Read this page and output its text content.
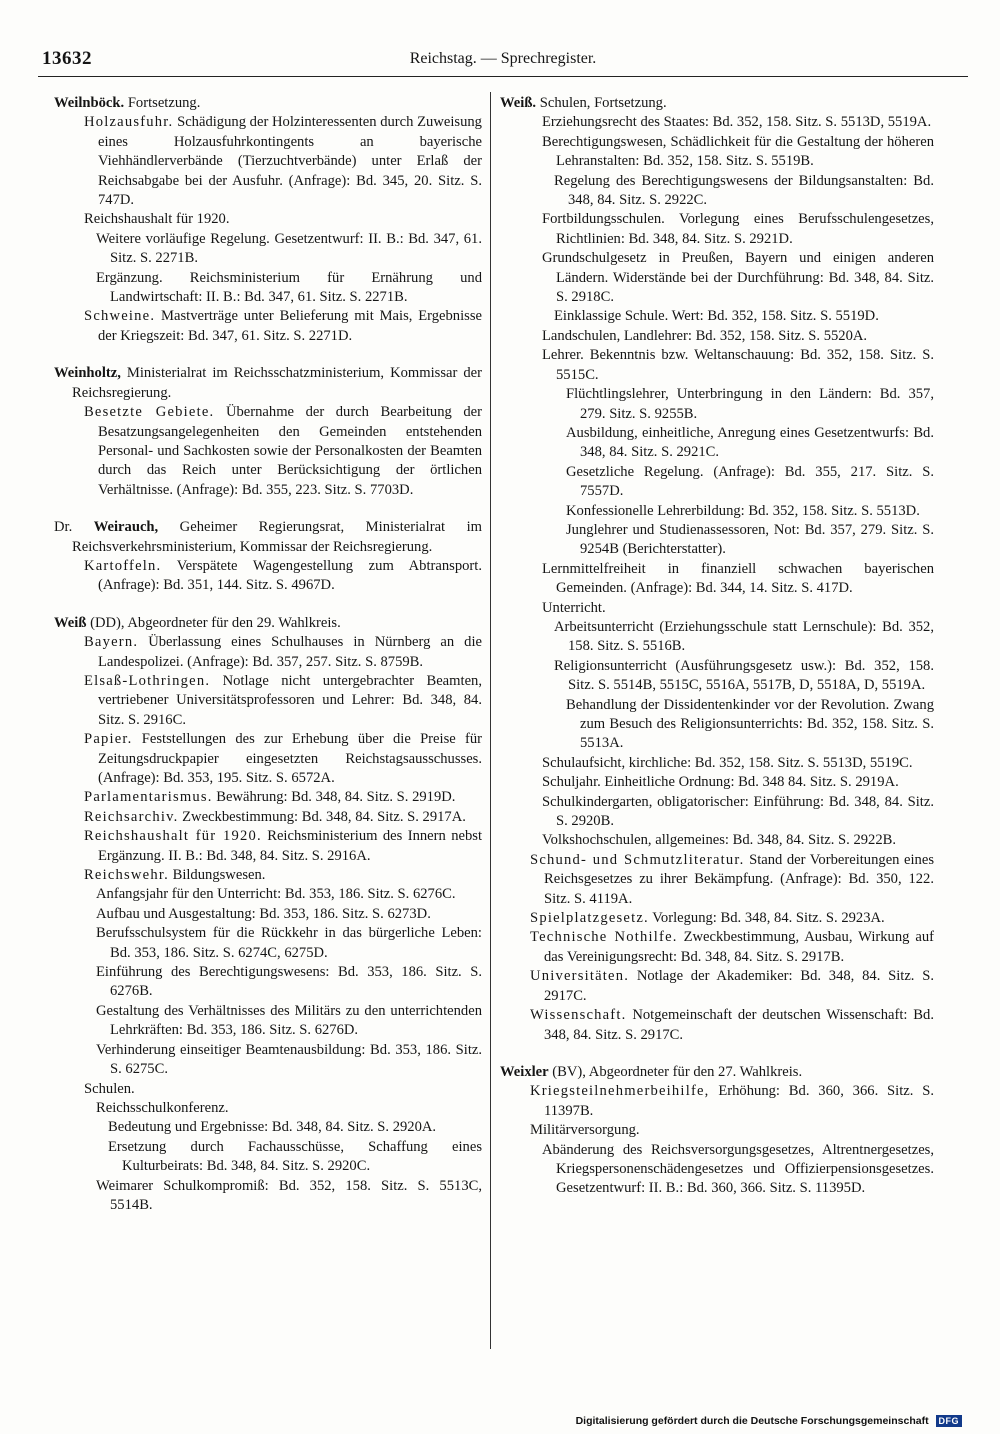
13632	Reichstag. — Sprechregister.

Weilnböck. Fortsetzung.

Holzausfuhr. Schädigung der Holzinteressenten durch Zuweisung eines Holzausfuhrkontingents an bayerische Viehhändlerverbände (Tierzuchtverbände) unter Erlaß der Reichsabgabe bei der Ausfuhr. (Anfrage): Bd. 345, 20. Sitz. S. 747D.

Reichshaushalt für 1920.

Weitere vorläufige Regelung. Gesetzentwurf: II. B.: Bd. 347, 61. Sitz. S. 2271B.

Ergänzung. Reichsministerium für Ernährung und Landwirtschaft: II. B.: Bd. 347, 61. Sitz. S. 2271B.

Schweine. Mastverträge unter Belieferung mit Mais, Ergebnisse der Kriegszeit: Bd. 347, 61. Sitz. S. 2271D.

Weinholtz, Ministerialrat im Reichsschatzministerium, Kommissar der Reichsregierung.

Besetzte Gebiete. Übernahme der durch Bearbeitung der Besatzungsangelegenheiten den Gemeinden entstehenden Personal- und Sachkosten sowie der Personalkosten der Beamten durch das Reich unter Berücksichtigung der örtlichen Verhältnisse. (Anfrage): Bd. 355, 223. Sitz. S. 7703D.

Dr. Weirauch, Geheimer Regierungsrat, Ministerialrat im Reichsverkehrsministerium, Kommissar der Reichsregierung.

Kartoffeln. Verspätete Wagengestellung zum Abtransport. (Anfrage): Bd. 351, 144. Sitz. S. 4967D.

Weiß (DD), Abgeordneter für den 29. Wahlkreis.

Bayern. Überlassung eines Schulhauses in Nürnberg an die Landespolizei. (Anfrage): Bd. 357, 257. Sitz. S. 8759B.

Elsaß-Lothringen. Notlage nicht untergebrachter Beamten, vertriebener Universitätsprofessoren und Lehrer: Bd. 348, 84. Sitz. S. 2916C.

Papier. Feststellungen des zur Erhebung über die Preise für Zeitungsdruckpapier eingesetzten Reichstagsausschusses. (Anfrage): Bd. 353, 195. Sitz. S. 6572A.

Parlamentarismus. Bewährung: Bd. 348, 84. Sitz. S. 2919D.

Reichsarchiv. Zweckbestimmung: Bd. 348, 84. Sitz. S. 2917A.

Reichshaushalt für 1920. Reichsministerium des Innern nebst Ergänzung. II. B.: Bd. 348, 84. Sitz. S. 2916A.

Reichswehr. Bildungswesen.

Anfangsjahr für den Unterricht: Bd. 353, 186. Sitz. S. 6276C.

Aufbau und Ausgestaltung: Bd. 353, 186. Sitz. S. 6273D.

Berufsschulsystem für die Rückkehr in das bürgerliche Leben: Bd. 353, 186. Sitz. S. 6274C, 6275D.

Einführung des Berechtigungswesens: Bd. 353, 186. Sitz. S. 6276B.

Gestaltung des Verhältnisses des Militärs zu den unterrichtenden Lehrkräften: Bd. 353, 186. Sitz. S. 6276D.

Verhinderung einseitiger Beamtenausbildung: Bd. 353, 186. Sitz. S. 6275C.

Schulen.

Reichsschulkonferenz.

Bedeutung und Ergebnisse: Bd. 348, 84. Sitz. S. 2920A.

Ersetzung durch Fachausschüsse, Schaffung eines Kulturbeirats: Bd. 348, 84. Sitz. S. 2920C.

Weimarer Schulkompromiß: Bd. 352, 158. Sitz. S. 5513C, 5514B.

Weiß. Schulen, Fortsetzung.

Erziehungsrecht des Staates: Bd. 352, 158. Sitz. S. 5513D, 5519A.

Berechtigungswesen, Schädlichkeit für die Gestaltung der höheren Lehranstalten: Bd. 352, 158. Sitz. S. 5519B.

Regelung des Berechtigungswesens der Bildungsanstalten: Bd. 348, 84. Sitz. S. 2922C.

Fortbildungsschulen. Vorlegung eines Berufsschulengesetzes, Richtlinien: Bd. 348, 84. Sitz. S. 2921D.

Grundschulgesetz in Preußen, Bayern und einigen anderen Ländern. Widerstände bei der Durchführung: Bd. 348, 84. Sitz. S. 2918C.

Einklassige Schule. Wert: Bd. 352, 158. Sitz. S. 5519D.

Landschulen, Landlehrer: Bd. 352, 158. Sitz. S. 5520A.

Lehrer. Bekenntnis bzw. Weltanschauung: Bd. 352, 158. Sitz. S. 5515C.

Flüchtlingslehrer, Unterbringung in den Ländern: Bd. 357, 279. Sitz. S. 9255B.

Ausbildung, einheitliche, Anregung eines Gesetzentwurfs: Bd. 348, 84. Sitz. S. 2921C.

Gesetzliche Regelung. (Anfrage): Bd. 355, 217. Sitz. S. 7557D.

Konfessionelle Lehrerbildung: Bd. 352, 158. Sitz. S. 5513D.

Junglehrer und Studienassessoren, Not: Bd. 357, 279. Sitz. S. 9254B (Berichterstatter).

Lernmittelfreiheit in finanziell schwachen bayerischen Gemeinden. (Anfrage): Bd. 344, 14. Sitz. S. 417D.

Unterricht.

Arbeitsunterricht (Erziehungsschule statt Lernschule): Bd. 352, 158. Sitz. S. 5516B.

Religionsunterricht (Ausführungsgesetz usw.): Bd. 352, 158. Sitz. S. 5514B, 5515C, 5516A, 5517B, D, 5518A, D, 5519A.

Behandlung der Dissidentenkinder vor der Revolution. Zwang zum Besuch des Religionsunterrichts: Bd. 352, 158. Sitz. S. 5513A.

Schulaufsicht, kirchliche: Bd. 352, 158. Sitz. S. 5513D, 5519C.

Schuljahr. Einheitliche Ordnung: Bd. 348 84. Sitz. S. 2919A.

Schulkindergarten, obligatorischer: Einführung: Bd. 348, 84. Sitz. S. 2920B.

Volkshochschulen, allgemeines: Bd. 348, 84. Sitz. S. 2922B.

Schund- und Schmutzliteratur. Stand der Vorbereitungen eines Reichsgesetzes zu ihrer Bekämpfung. (Anfrage): Bd. 350, 122. Sitz. S. 4119A.

Spielplatzgesetz. Vorlegung: Bd. 348, 84. Sitz. S. 2923A.

Technische Nothilfe. Zweckbestimmung, Ausbau, Wirkung auf das Vereinigungsrecht: Bd. 348, 84. Sitz. S. 2917B.

Universitäten. Notlage der Akademiker: Bd. 348, 84. Sitz. S. 2917C.

Wissenschaft. Notgemeinschaft der deutschen Wissenschaft: Bd. 348, 84. Sitz. S. 2917C.

Weixler (BV), Abgeordneter für den 27. Wahlkreis.

Kriegsteilnehmerbeihilfe, Erhöhung: Bd. 360, 366. Sitz. S. 11397B.

Militärversorgung.

Abänderung des Reichsversorgungsgesetzes, Altrentnergesetzes, Kriegspersonenschädengesetzes und Offizierpensionsgesetzes. Gesetzentwurf: II. B.: Bd. 360, 366. Sitz. S. 11395D.

Digitalisierung gefördert durch die Deutsche Forschungsgemeinschaft DFG
